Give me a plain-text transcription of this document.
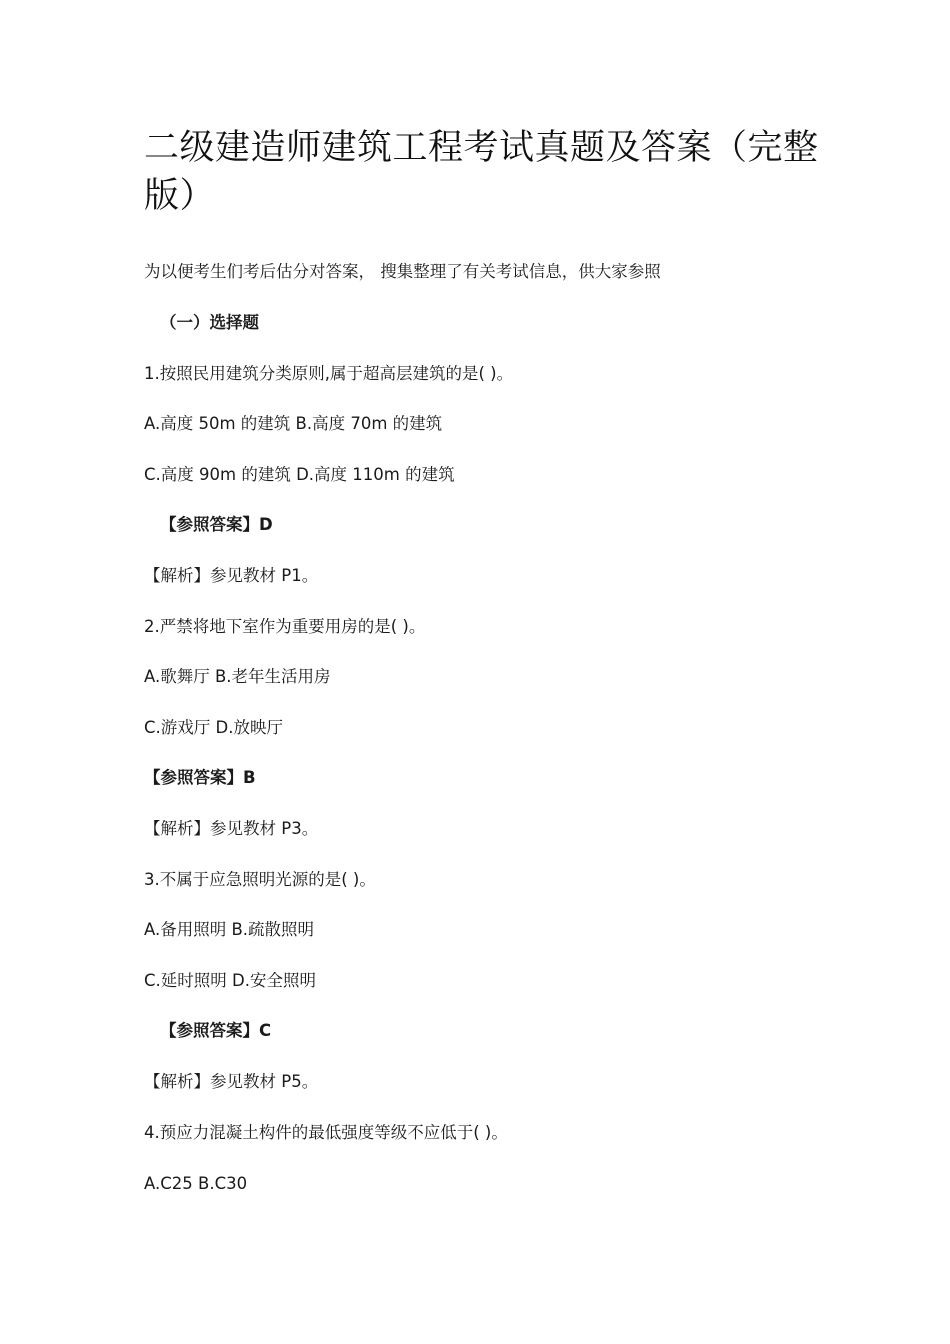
二级建造师建筑工程考试真题及答案（完整版）
为以便考生们考后估分对答案， 搜集整理了有关考试信息，供大家参照
（一）选择题
1.按照民用建筑分类原则,属于超高层建筑的是( )。
A.高度 50m 的建筑 B.高度 70m 的建筑
C.高度 90m 的建筑 D.高度 110m 的建筑
【参照答案】D
【解析】参见教材 P1。
2.严禁将地下室作为重要用房的是( )。
A.歌舞厅 B.老年生活用房
C.游戏厅 D.放映厅
【参照答案】B
【解析】参见教材 P3。
3.不属于应急照明光源的是( )。
A.备用照明 B.疏散照明
C.延时照明 D.安全照明
【参照答案】C
【解析】参见教材 P5。
4.预应力混凝土构件的最低强度等级不应低于( )。
A.C25 B.C30
